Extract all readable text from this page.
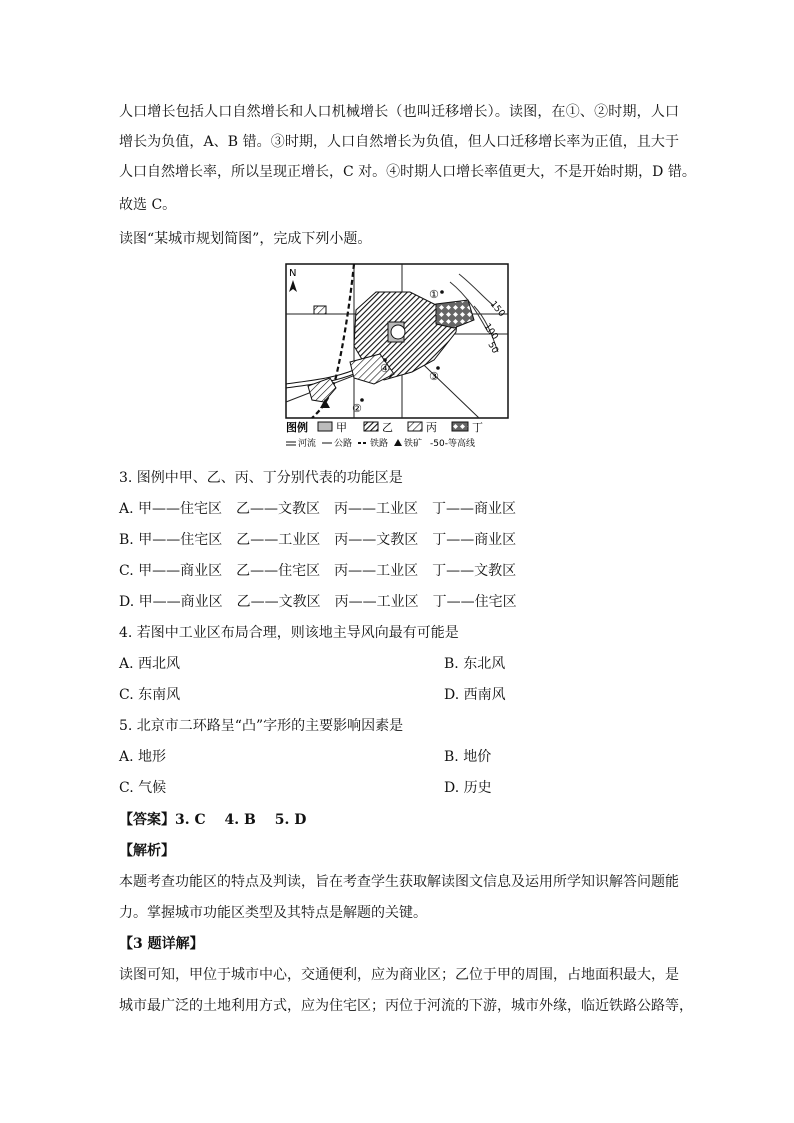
人口增长包括人口自然增长和人口机械增长（也叫迁移增长）。读图，在①、②时期，人口
增长为负值，A、B 错。③时期，人口自然增长为负值，但人口迁移增长率为正值，且大于
人口自然增长率，所以呈现正增长，C 对。④时期人口增长率值更大，不是开始时期，D 错。
故选 C。
读图“某城市规划简图”，完成下列小题。
N
150
100
50
①
②
③
④
图例	甲	乙	丙	丁
河流 公路 铁路 铁矿 -50-等高线
3. 图例中甲、乙、丙、丁分别代表的功能区是
A. 甲——住宅区　乙——文教区　丙——工业区　丁——商业区
B. 甲——住宅区　乙——工业区　丙——文教区　丁——商业区
C. 甲——商业区　乙——住宅区　丙——工业区　丁——文教区
D. 甲——商业区　乙——文教区　丙——工业区　丁——住宅区
4. 若图中工业区布局合理，则该地主导风向最有可能是
A. 西北风	B. 东北风
C. 东南风	D. 西南风
5. 北京市二环路呈“凸”字形的主要影响因素是
A. 地形	B. 地价
C. 气候	D. 历史
【答案】3. C　 4. B　 5. D
【解析】
本题考查功能区的特点及判读，旨在考查学生获取解读图文信息及运用所学知识解答问题能
力。掌握城市功能区类型及其特点是解题的关键。
【3 题详解】
读图可知，甲位于城市中心，交通便利，应为商业区；乙位于甲的周围，占地面积最大，是
城市最广泛的土地利用方式，应为住宅区；丙位于河流的下游，城市外缘，临近铁路公路等，
